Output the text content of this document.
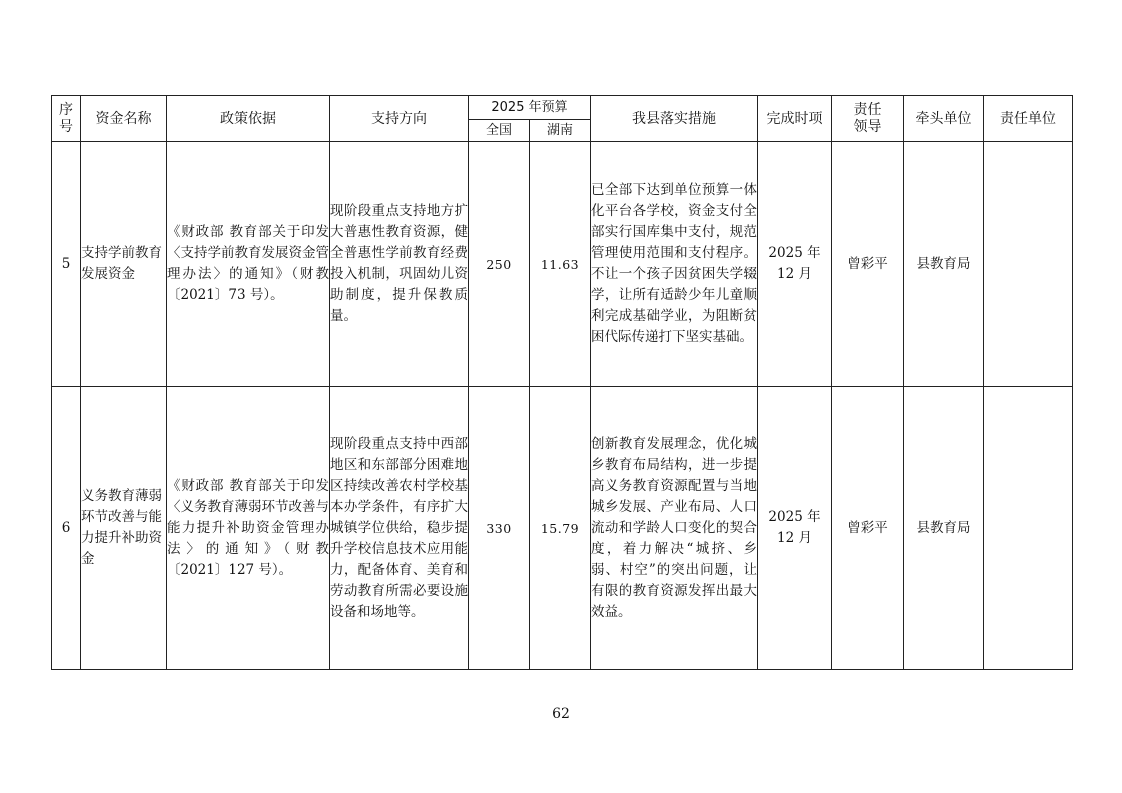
序号	资金名称	政策依据	支持方向	2025 年预算		我县落实措施	完成时项	责任领导	牵头单位	责任单位
				全国	湖南					
5	支持学前教育发展资金	《财政部 教育部关于印发〈支持学前教育发展资金管理办法〉的通知》（财教〔2021〕73 号）。	现阶段重点支持地方扩大普惠性教育资源，健全普惠性学前教育经费投入机制，巩固幼儿资助制度，提升保教质量。	250	11.63	已全部下达到单位预算一体化平台各学校，资金支付全部实行国库集中支付，规范管理使用范围和支付程序。不让一个孩子因贫困失学辍学，让所有适龄少年儿童顺利完成基础学业，为阻断贫困代际传递打下坚实基础。	2025 年 12 月	曾彩平	县教育局	
6	义务教育薄弱环节改善与能力提升补助资金	《财政部 教育部关于印发〈义务教育薄弱环节改善与能力提升补助资金管理办法〉的通知》（财教〔2021〕127 号）。	现阶段重点支持中西部地区和东部部分困难地区持续改善农村学校基本办学条件，有序扩大城镇学位供给，稳步提升学校信息技术应用能力，配备体育、美育和劳动教育所需必要设施设备和场地等。	330	15.79	创新教育发展理念，优化城乡教育布局结构，进一步提高义务教育资源配置与当地城乡发展、产业布局、人口流动和学龄人口变化的契合度，着力解决“城挤、乡弱、村空”的突出问题，让有限的教育资源发挥出最大效益。	2025 年 12 月	曾彩平	县教育局	
62
